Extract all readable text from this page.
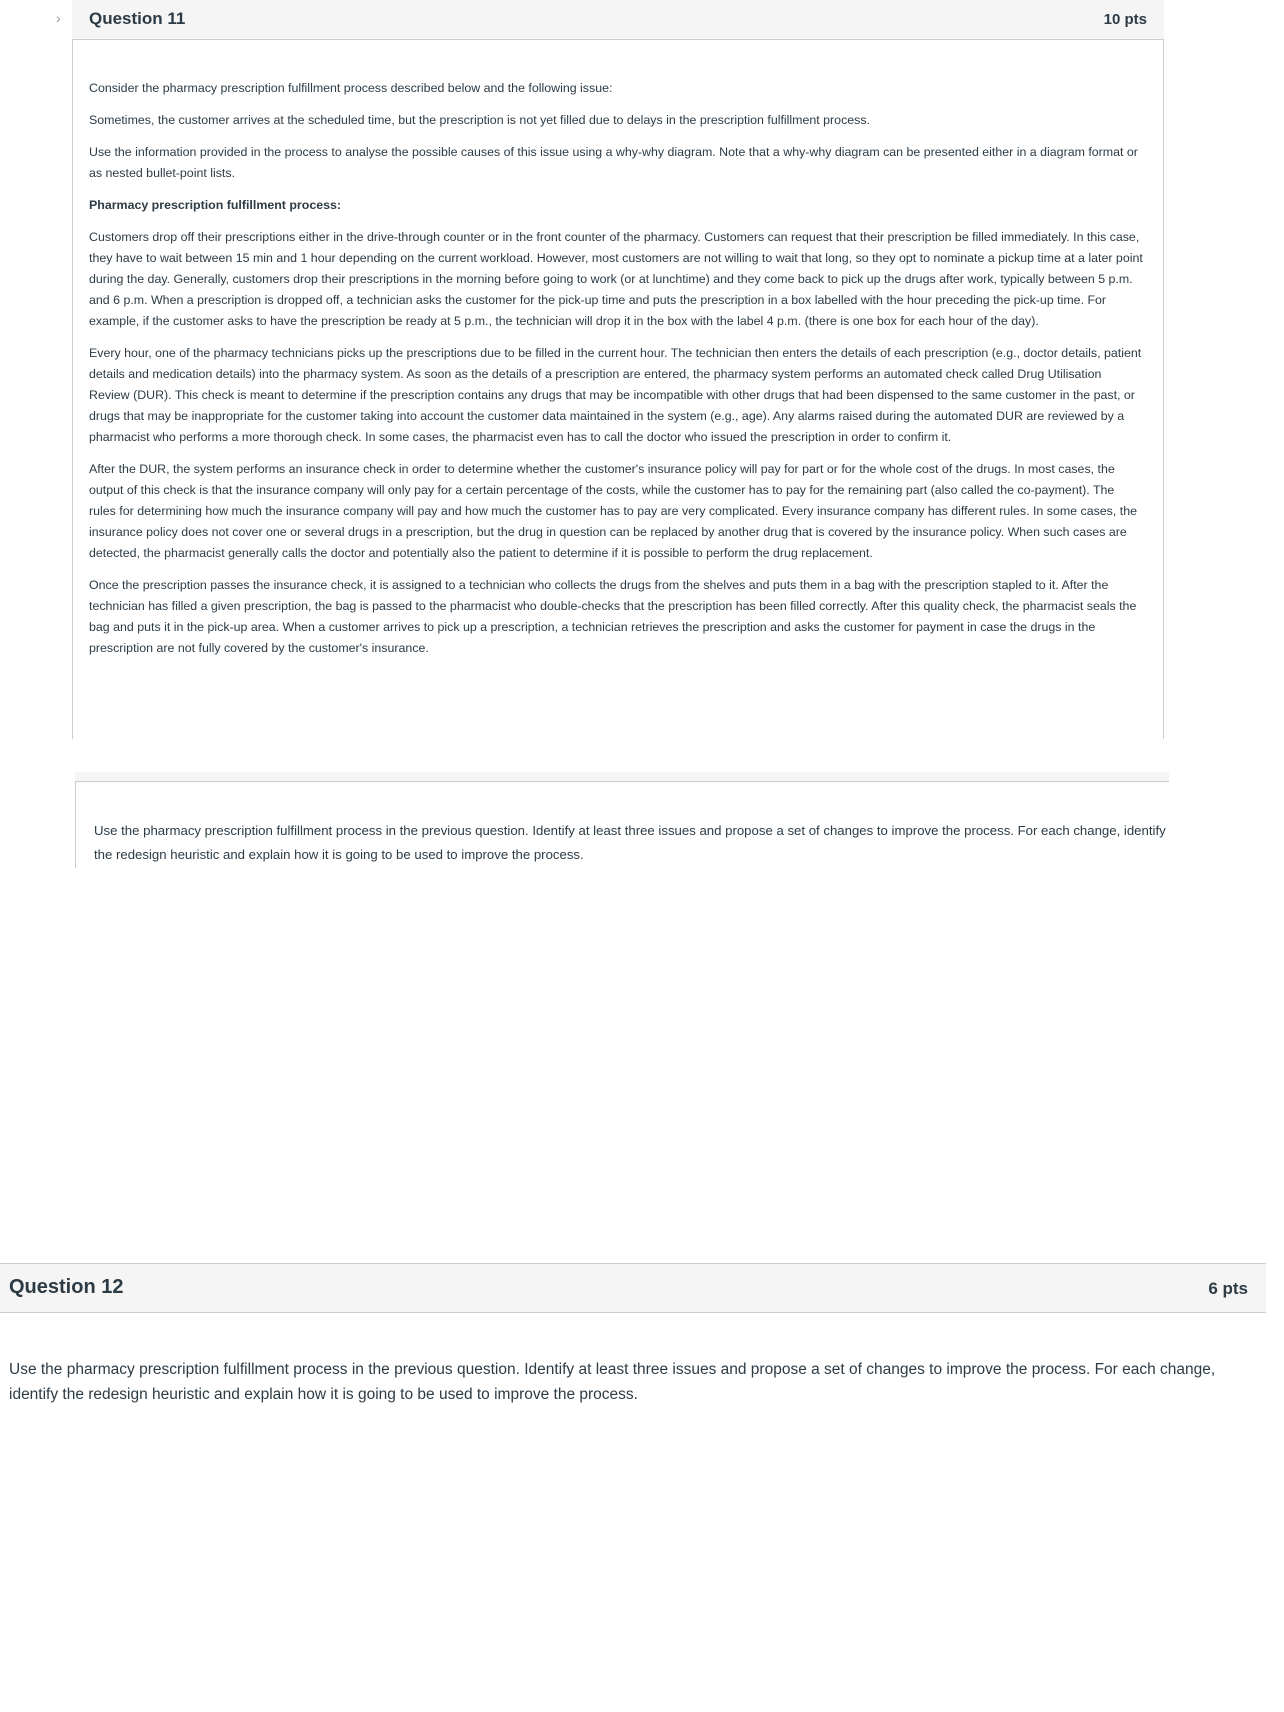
› Question 11	10 pts

Consider the pharmacy prescription fulfillment process described below and the following issue:

Sometimes, the customer arrives at the scheduled time, but the prescription is not yet filled due to delays in the prescription fulfillment process.

Use the information provided in the process to analyse the possible causes of this issue using a why-why diagram. Note that a why-why diagram can be presented either in a diagram format or as nested bullet-point lists.

Pharmacy prescription fulfillment process:

Customers drop off their prescriptions either in the drive-through counter or in the front counter of the pharmacy. Customers can request that their prescription be filled immediately. In this case, they have to wait between 15 min and 1 hour depending on the current workload. However, most customers are not willing to wait that long, so they opt to nominate a pickup time at a later point during the day. Generally, customers drop their prescriptions in the morning before going to work (or at lunchtime) and they come back to pick up the drugs after work, typically between 5 p.m. and 6 p.m. When a prescription is dropped off, a technician asks the customer for the pick-up time and puts the prescription in a box labelled with the hour preceding the pick-up time. For example, if the customer asks to have the prescription be ready at 5 p.m., the technician will drop it in the box with the label 4 p.m. (there is one box for each hour of the day).

Every hour, one of the pharmacy technicians picks up the prescriptions due to be filled in the current hour. The technician then enters the details of each prescription (e.g., doctor details, patient details and medication details) into the pharmacy system. As soon as the details of a prescription are entered, the pharmacy system performs an automated check called Drug Utilisation Review (DUR). This check is meant to determine if the prescription contains any drugs that may be incompatible with other drugs that had been dispensed to the same customer in the past, or drugs that may be inappropriate for the customer taking into account the customer data maintained in the system (e.g., age). Any alarms raised during the automated DUR are reviewed by a pharmacist who performs a more thorough check. In some cases, the pharmacist even has to call the doctor who issued the prescription in order to confirm it.

After the DUR, the system performs an insurance check in order to determine whether the customer's insurance policy will pay for part or for the whole cost of the drugs. In most cases, the output of this check is that the insurance company will only pay for a certain percentage of the costs, while the customer has to pay for the remaining part (also called the co-payment). The rules for determining how much the insurance company will pay and how much the customer has to pay are very complicated. Every insurance company has different rules. In some cases, the insurance policy does not cover one or several drugs in a prescription, but the drug in question can be replaced by another drug that is covered by the insurance policy. When such cases are detected, the pharmacist generally calls the doctor and potentially also the patient to determine if it is possible to perform the drug replacement.

Once the prescription passes the insurance check, it is assigned to a technician who collects the drugs from the shelves and puts them in a bag with the prescription stapled to it. After the technician has filled a given prescription, the bag is passed to the pharmacist who double-checks that the prescription has been filled correctly. After this quality check, the pharmacist seals the bag and puts it in the pick-up area. When a customer arrives to pick up a prescription, a technician retrieves the prescription and asks the customer for payment in case the drugs in the prescription are not fully covered by the customer's insurance.

Use the pharmacy prescription fulfillment process in the previous question. Identify at least three issues and propose a set of changes to improve the process. For each change, identify the redesign heuristic and explain how it is going to be used to improve the process.
Question 12	6 pts
Use the pharmacy prescription fulfillment process in the previous question. Identify at least three issues and propose a set of changes to improve the process. For each change, identify the redesign heuristic and explain how it is going to be used to improve the process.
